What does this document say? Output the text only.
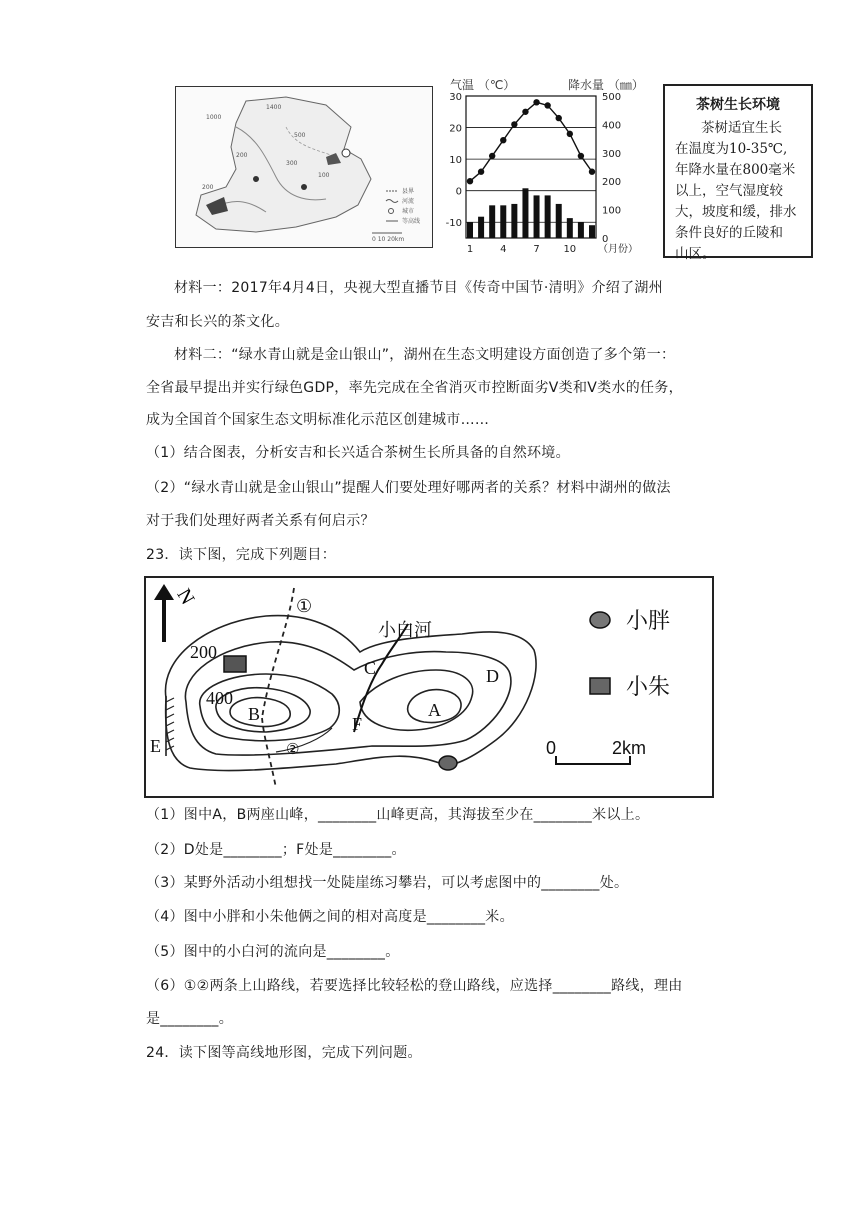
1400
1000
500
200
300
200
100
县界
河流
城市
等高线
0 10 20km
气温 （℃）	降水量 （㎜）
30
20
10
0
-10
500
400
300
200
100
0
1	4	7 10 （月份）
茶树生长环境
茶树适宜生长
在温度为10-35℃,
年降水量在800毫米
以上，空气湿度较
大，坡度和缓，排水
条件良好的丘陵和
山区。
材料一：2017年4月4日，央视大型直播节目《传奇中国节·清明》介绍了湖州
安吉和长兴的茶文化。
材料二：“绿水青山就是金山银山”，湖州在生态文明建设方面创造了多个第一：
全省最早提出并实行绿色GDP，率先完成在全省消灭市控断面劣Ⅴ类和Ⅴ类水的任务，
成为全国首个国家生态文明标准化示范区创建城市……
（1）结合图表，分析安吉和长兴适合茶树生长所具备的自然环境。
（2）“绿水青山就是金山银山”提醒人们要处理好哪两者的关系？材料中湖州的做法
对于我们处理好两者关系有何启示？
23．读下图，完成下列题目：
N	①
小白河
200
400
C	D
A
B	F
E	②
小胖
小朱
0	2km
（1）图中A，B两座山峰，________山峰更高，其海拔至少在________米以上。
（2）D处是________；F处是________。
（3）某野外活动小组想找一处陡崖练习攀岩，可以考虑图中的________处。
（4）图中小胖和小朱他俩之间的相对高度是________米。
（5）图中的小白河的流向是________。
（6）①②两条上山路线，若要选择比较轻松的登山路线，应选择________路线，理由
是________。
24．读下图等高线地形图，完成下列问题。
